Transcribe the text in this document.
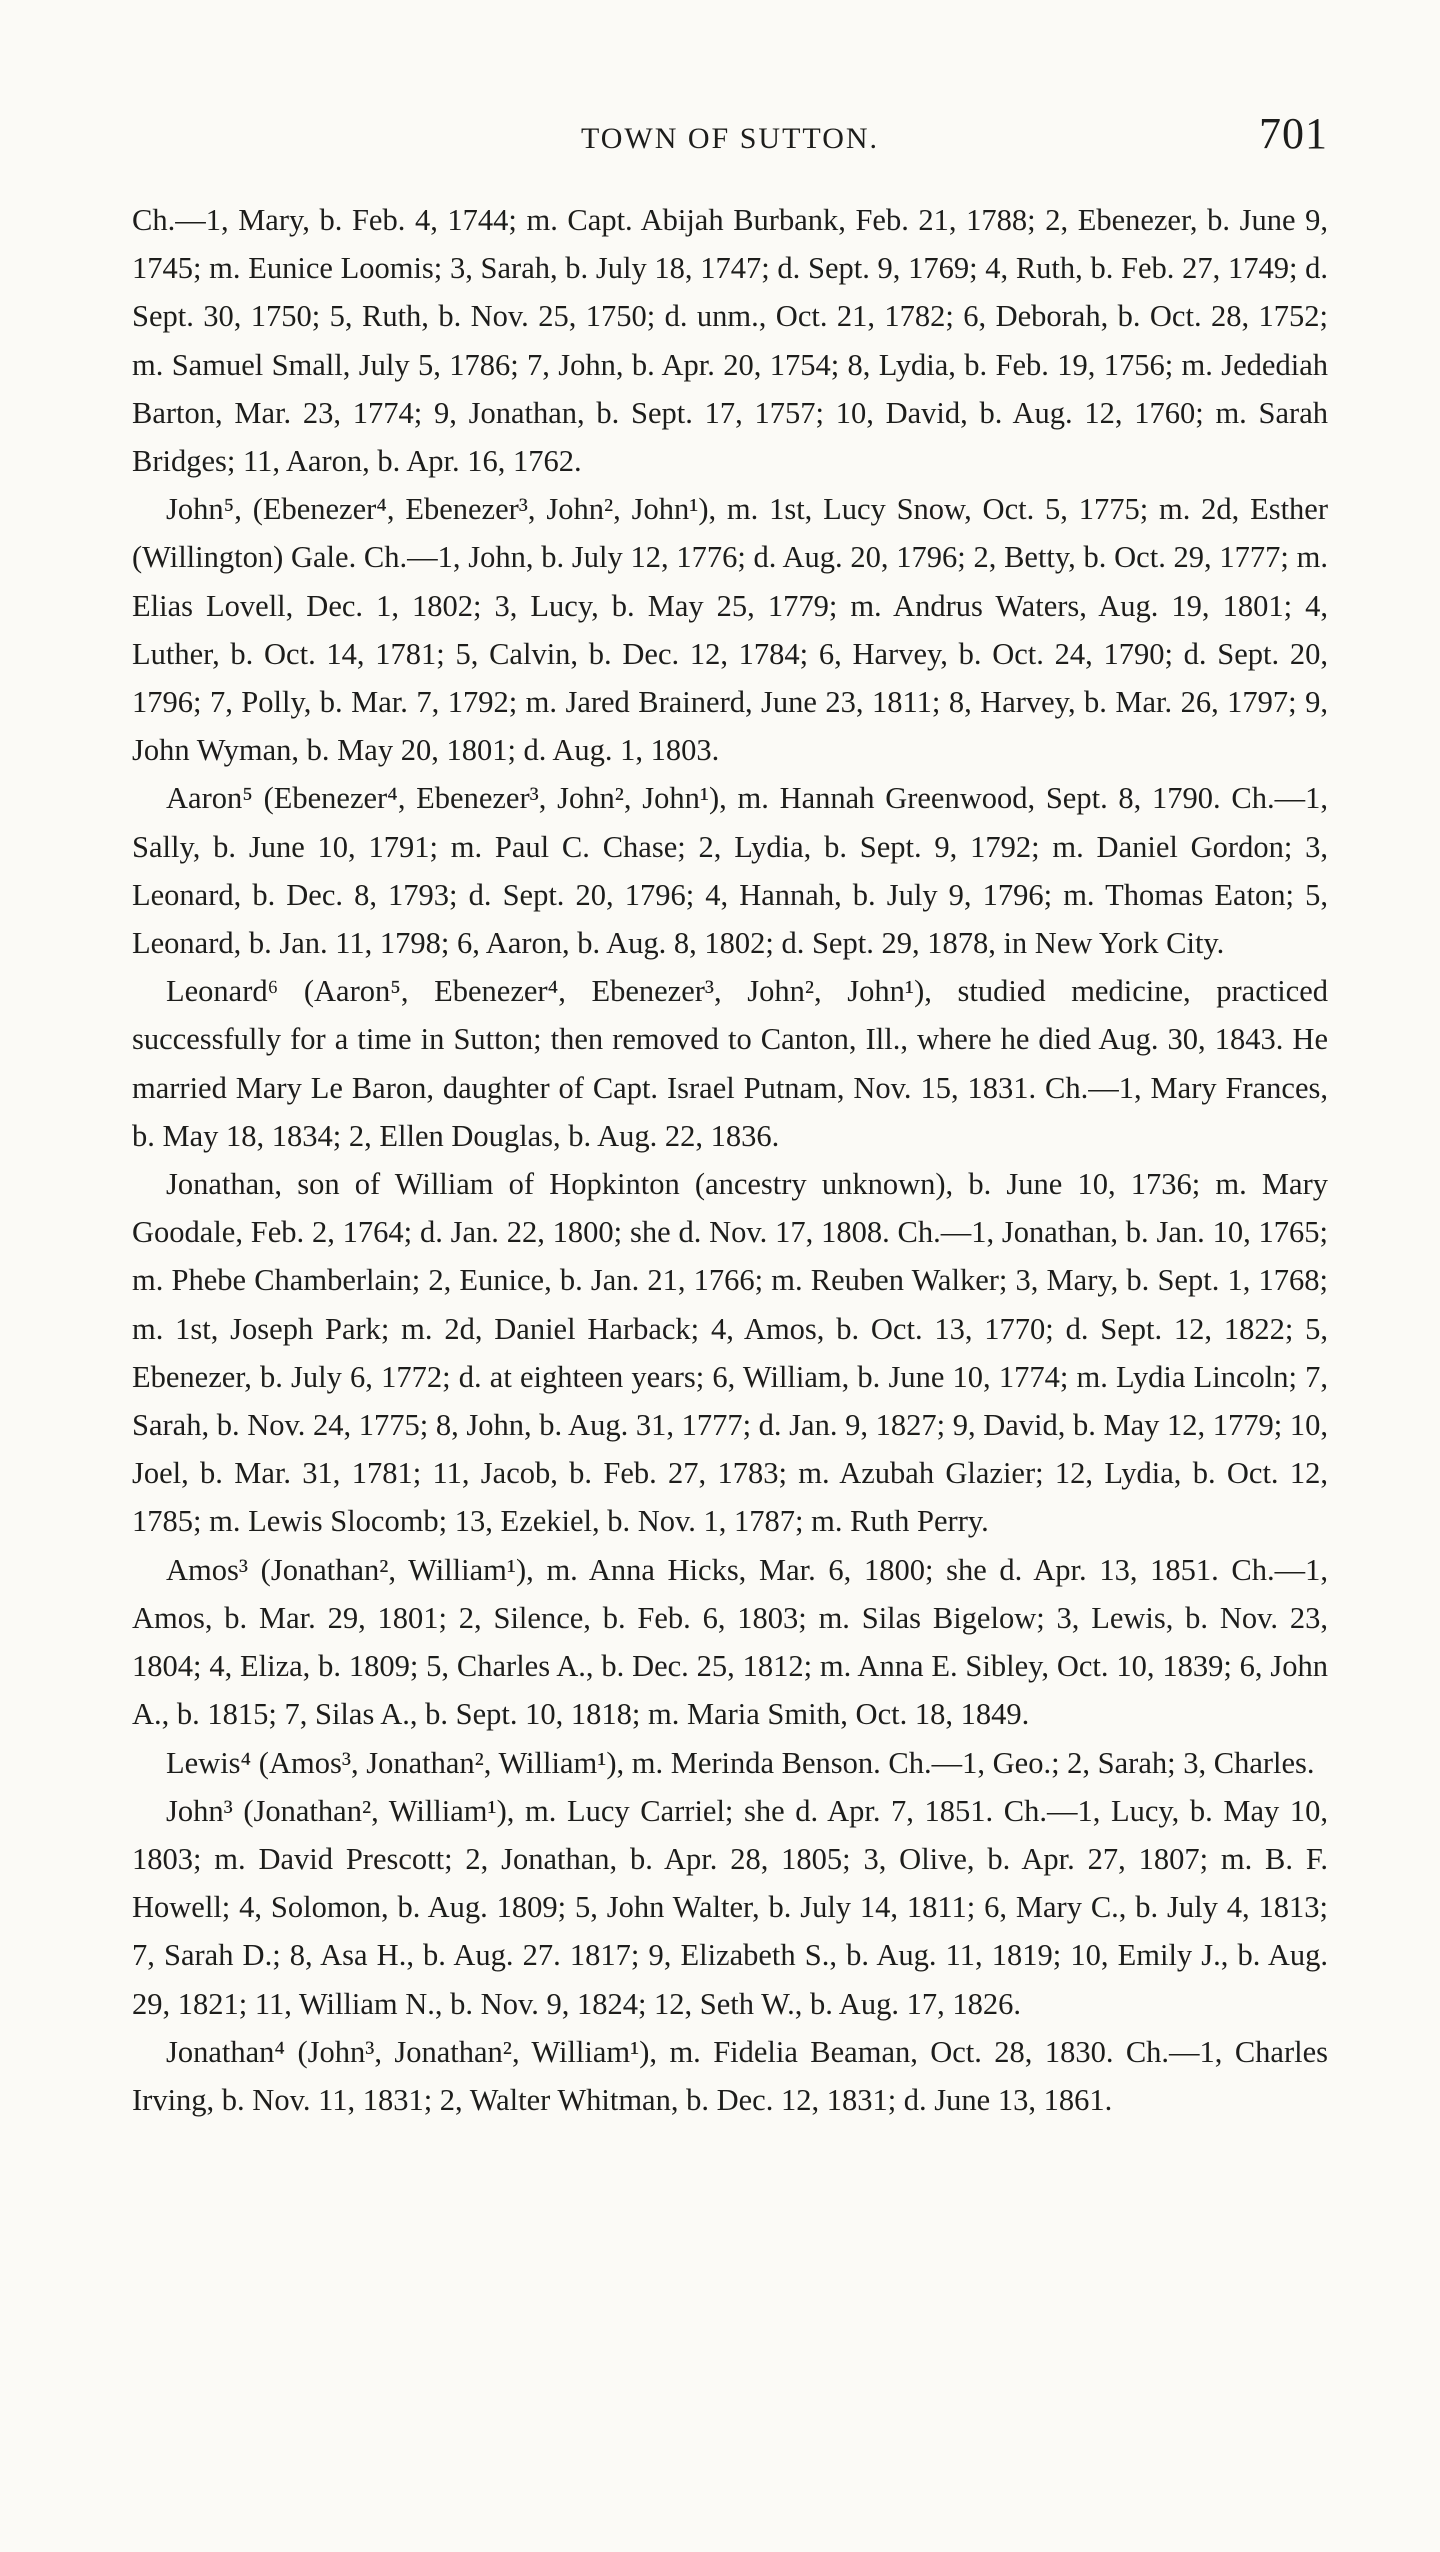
TOWN OF SUTTON.	701

Ch.—1, Mary, b. Feb. 4, 1744; m. Capt. Abijah Burbank, Feb. 21, 1788; 2, Ebenezer, b. June 9, 1745; m. Eunice Loomis; 3, Sarah, b. July 18, 1747; d. Sept. 9, 1769; 4, Ruth, b. Feb. 27, 1749; d. Sept. 30, 1750; 5, Ruth, b. Nov. 25, 1750; d. unm., Oct. 21, 1782; 6, Deborah, b. Oct. 28, 1752; m. Samuel Small, July 5, 1786; 7, John, b. Apr. 20, 1754; 8, Lydia, b. Feb. 19, 1756; m. Jedediah Barton, Mar. 23, 1774; 9, Jonathan, b. Sept. 17, 1757; 10, David, b. Aug. 12, 1760; m. Sarah Bridges; 11, Aaron, b. Apr. 16, 1762.

John⁵, (Ebenezer⁴, Ebenezer³, John², John¹), m. 1st, Lucy Snow, Oct. 5, 1775; m. 2d, Esther (Willington) Gale. Ch.—1, John, b. July 12, 1776; d. Aug. 20, 1796; 2, Betty, b. Oct. 29, 1777; m. Elias Lovell, Dec. 1, 1802; 3, Lucy, b. May 25, 1779; m. Andrus Waters, Aug. 19, 1801; 4, Luther, b. Oct. 14, 1781; 5, Calvin, b. Dec. 12, 1784; 6, Harvey, b. Oct. 24, 1790; d. Sept. 20, 1796; 7, Polly, b. Mar. 7, 1792; m. Jared Brainerd, June 23, 1811; 8, Harvey, b. Mar. 26, 1797; 9, John Wyman, b. May 20, 1801; d. Aug. 1, 1803.

Aaron⁵ (Ebenezer⁴, Ebenezer³, John², John¹), m. Hannah Greenwood, Sept. 8, 1790. Ch.—1, Sally, b. June 10, 1791; m. Paul C. Chase; 2, Lydia, b. Sept. 9, 1792; m. Daniel Gordon; 3, Leonard, b. Dec. 8, 1793; d. Sept. 20, 1796; 4, Hannah, b. July 9, 1796; m. Thomas Eaton; 5, Leonard, b. Jan. 11, 1798; 6, Aaron, b. Aug. 8, 1802; d. Sept. 29, 1878, in New York City.

Leonard⁶ (Aaron⁵, Ebenezer⁴, Ebenezer³, John², John¹), studied medicine, practiced successfully for a time in Sutton; then removed to Canton, Ill., where he died Aug. 30, 1843. He married Mary Le Baron, daughter of Capt. Israel Putnam, Nov. 15, 1831. Ch.—1, Mary Frances, b. May 18, 1834; 2, Ellen Douglas, b. Aug. 22, 1836.

Jonathan, son of William of Hopkinton (ancestry unknown), b. June 10, 1736; m. Mary Goodale, Feb. 2, 1764; d. Jan. 22, 1800; she d. Nov. 17, 1808. Ch.—1, Jonathan, b. Jan. 10, 1765; m. Phebe Chamberlain; 2, Eunice, b. Jan. 21, 1766; m. Reuben Walker; 3, Mary, b. Sept. 1, 1768; m. 1st, Joseph Park; m. 2d, Daniel Harback; 4, Amos, b. Oct. 13, 1770; d. Sept. 12, 1822; 5, Ebenezer, b. July 6, 1772; d. at eighteen years; 6, William, b. June 10, 1774; m. Lydia Lincoln; 7, Sarah, b. Nov. 24, 1775; 8, John, b. Aug. 31, 1777; d. Jan. 9, 1827; 9, David, b. May 12, 1779; 10, Joel, b. Mar. 31, 1781; 11, Jacob, b. Feb. 27, 1783; m. Azubah Glazier; 12, Lydia, b. Oct. 12, 1785; m. Lewis Slocomb; 13, Ezekiel, b. Nov. 1, 1787; m. Ruth Perry.

Amos³ (Jonathan², William¹), m. Anna Hicks, Mar. 6, 1800; she d. Apr. 13, 1851. Ch.—1, Amos, b. Mar. 29, 1801; 2, Silence, b. Feb. 6, 1803; m. Silas Bigelow; 3, Lewis, b. Nov. 23, 1804; 4, Eliza, b. 1809; 5, Charles A., b. Dec. 25, 1812; m. Anna E. Sibley, Oct. 10, 1839; 6, John A., b. 1815; 7, Silas A., b. Sept. 10, 1818; m. Maria Smith, Oct. 18, 1849.

Lewis⁴ (Amos³, Jonathan², William¹), m. Merinda Benson. Ch.—1, Geo.; 2, Sarah; 3, Charles.

John³ (Jonathan², William¹), m. Lucy Carriel; she d. Apr. 7, 1851. Ch.—1, Lucy, b. May 10, 1803; m. David Prescott; 2, Jonathan, b. Apr. 28, 1805; 3, Olive, b. Apr. 27, 1807; m. B. F. Howell; 4, Solomon, b. Aug. 1809; 5, John Walter, b. July 14, 1811; 6, Mary C., b. July 4, 1813; 7, Sarah D.; 8, Asa H., b. Aug. 27. 1817; 9, Elizabeth S., b. Aug. 11, 1819; 10, Emily J., b. Aug. 29, 1821; 11, William N., b. Nov. 9, 1824; 12, Seth W., b. Aug. 17, 1826.

Jonathan⁴ (John³, Jonathan², William¹), m. Fidelia Beaman, Oct. 28, 1830. Ch.—1, Charles Irving, b. Nov. 11, 1831; 2, Walter Whitman, b. Dec. 12, 1831; d. June 13, 1861.
